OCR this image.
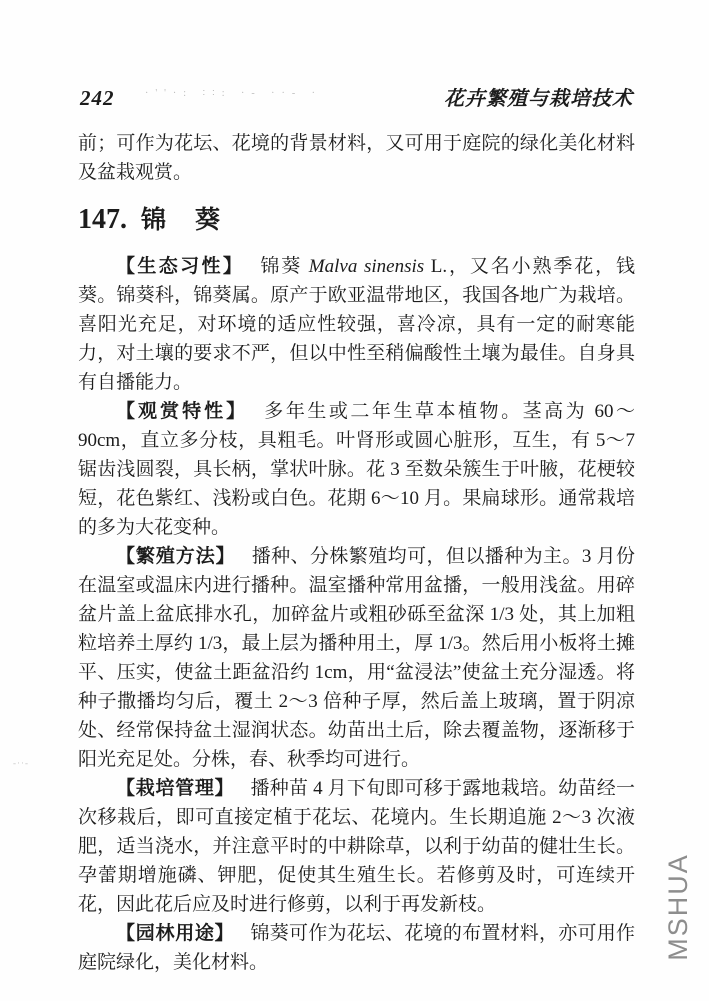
242	花卉繁殖与栽培技术
·''·: ∶∶: ·- ··- ·
-··-

前；可作为花坛、花境的背景材料，又可用于庭院的绿化美化材料及盆栽观赏。

147. 锦　葵

【生态习性】 锦葵 Malva sinensis L.，又名小熟季花，钱葵。锦葵科，锦葵属。原产于欧亚温带地区，我国各地广为栽培。喜阳光充足，对环境的适应性较强，喜冷凉，具有一定的耐寒能力，对土壤的要求不严，但以中性至稍偏酸性土壤为最佳。自身具有自播能力。

【观赏特性】 多年生或二年生草本植物。茎高为 60～90cm，直立多分枝，具粗毛。叶肾形或圆心脏形，互生，有 5～7 锯齿浅圆裂，具长柄，掌状叶脉。花 3 至数朵簇生于叶腋，花梗较短，花色紫红、浅粉或白色。花期 6～10 月。果扁球形。通常栽培的多为大花变种。

【繁殖方法】 播种、分株繁殖均可，但以播种为主。3 月份在温室或温床内进行播种。温室播种常用盆播，一般用浅盆。用碎盆片盖上盆底排水孔，加碎盆片或粗砂砾至盆深 1/3 处，其上加粗粒培养土厚约 1/3，最上层为播种用土，厚 1/3。然后用小板将土摊平、压实，使盆土距盆沿约 1cm，用“盆浸法”使盆土充分湿透。将种子撒播均匀后，覆土 2～3 倍种子厚，然后盖上玻璃，置于阴凉处、经常保持盆土湿润状态。幼苗出土后，除去覆盖物，逐渐移于阳光充足处。分株，春、秋季均可进行。

【栽培管理】 播种苗 4 月下旬即可移于露地栽培。幼苗经一次移栽后，即可直接定植于花坛、花境内。生长期追施 2～3 次液肥，适当浇水，并注意平时的中耕除草，以利于幼苗的健壮生长。孕蕾期增施磷、钾肥，促使其生殖生长。若修剪及时，可连续开花，因此花后应及时进行修剪，以利于再发新枝。

【园林用途】 锦葵可作为花坛、花境的布置材料，亦可用作庭院绿化，美化材料。

MSHUA
